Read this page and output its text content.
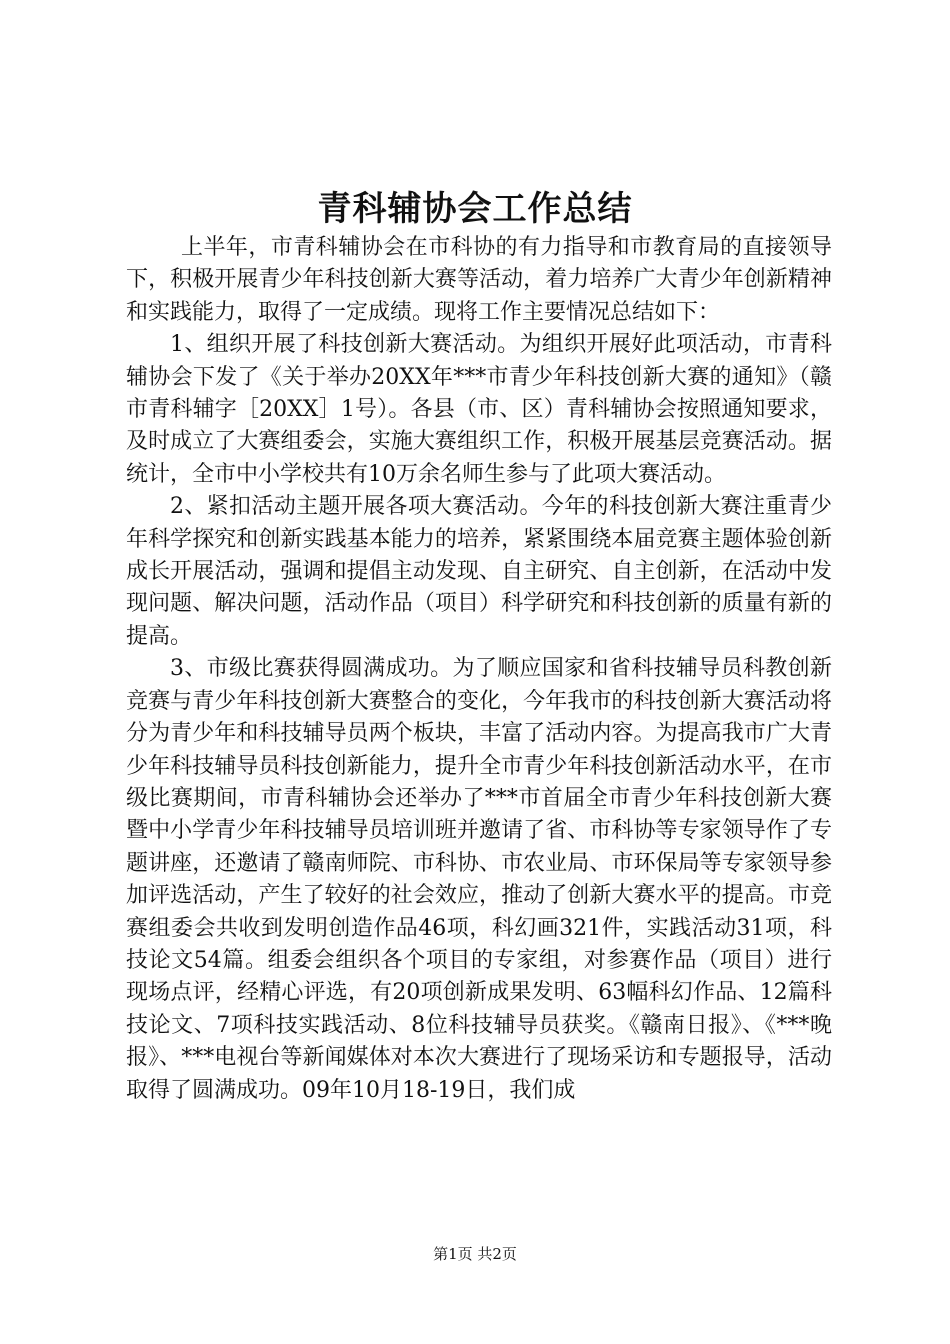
青科辅协会工作总结

上半年，市青科辅协会在市科协的有力指导和市教育局的直接领导下，积极开展青少年科技创新大赛等活动，着力培养广大青少年创新精神和实践能力，取得了一定成绩。现将工作主要情况总结如下：

1、组织开展了科技创新大赛活动。为组织开展好此项活动，市青科辅协会下发了《关于举办20XX年***市青少年科技创新大赛的通知》（赣市青科辅字［20XX］1号）。各县（市、区）青科辅协会按照通知要求，及时成立了大赛组委会，实施大赛组织工作，积极开展基层竞赛活动。据统计，全市中小学校共有10万余名师生参与了此项大赛活动。

2、紧扣活动主题开展各项大赛活动。今年的科技创新大赛注重青少年科学探究和创新实践基本能力的培养，紧紧围绕本届竞赛主题体验创新成长开展活动，强调和提倡主动发现、自主研究、自主创新，在活动中发现问题、解决问题，活动作品（项目）科学研究和科技创新的质量有新的提高。

3、市级比赛获得圆满成功。为了顺应国家和省科技辅导员科教创新竞赛与青少年科技创新大赛整合的变化，今年我市的科技创新大赛活动将分为青少年和科技辅导员两个板块，丰富了活动内容。为提高我市广大青少年科技辅导员科技创新能力，提升全市青少年科技创新活动水平，在市级比赛期间，市青科辅协会还举办了***市首届全市青少年科技创新大赛暨中小学青少年科技辅导员培训班并邀请了省、市科协等专家领导作了专题讲座，还邀请了赣南师院、市科协、市农业局、市环保局等专家领导参加评选活动，产生了较好的社会效应，推动了创新大赛水平的提高。市竞赛组委会共收到发明创造作品46项，科幻画321件，实践活动31项，科技论文54篇。组委会组织各个项目的专家组，对参赛作品（项目）进行现场点评，经精心评选，有20项创新成果发明、63幅科幻作品、12篇科技论文、7项科技实践活动、8位科技辅导员获奖。《赣南日报》、《***晚报》、***电视台等新闻媒体对本次大赛进行了现场采访和专题报导，活动取得了圆满成功。09年10月18-19日，我们成

第1页 共2页
